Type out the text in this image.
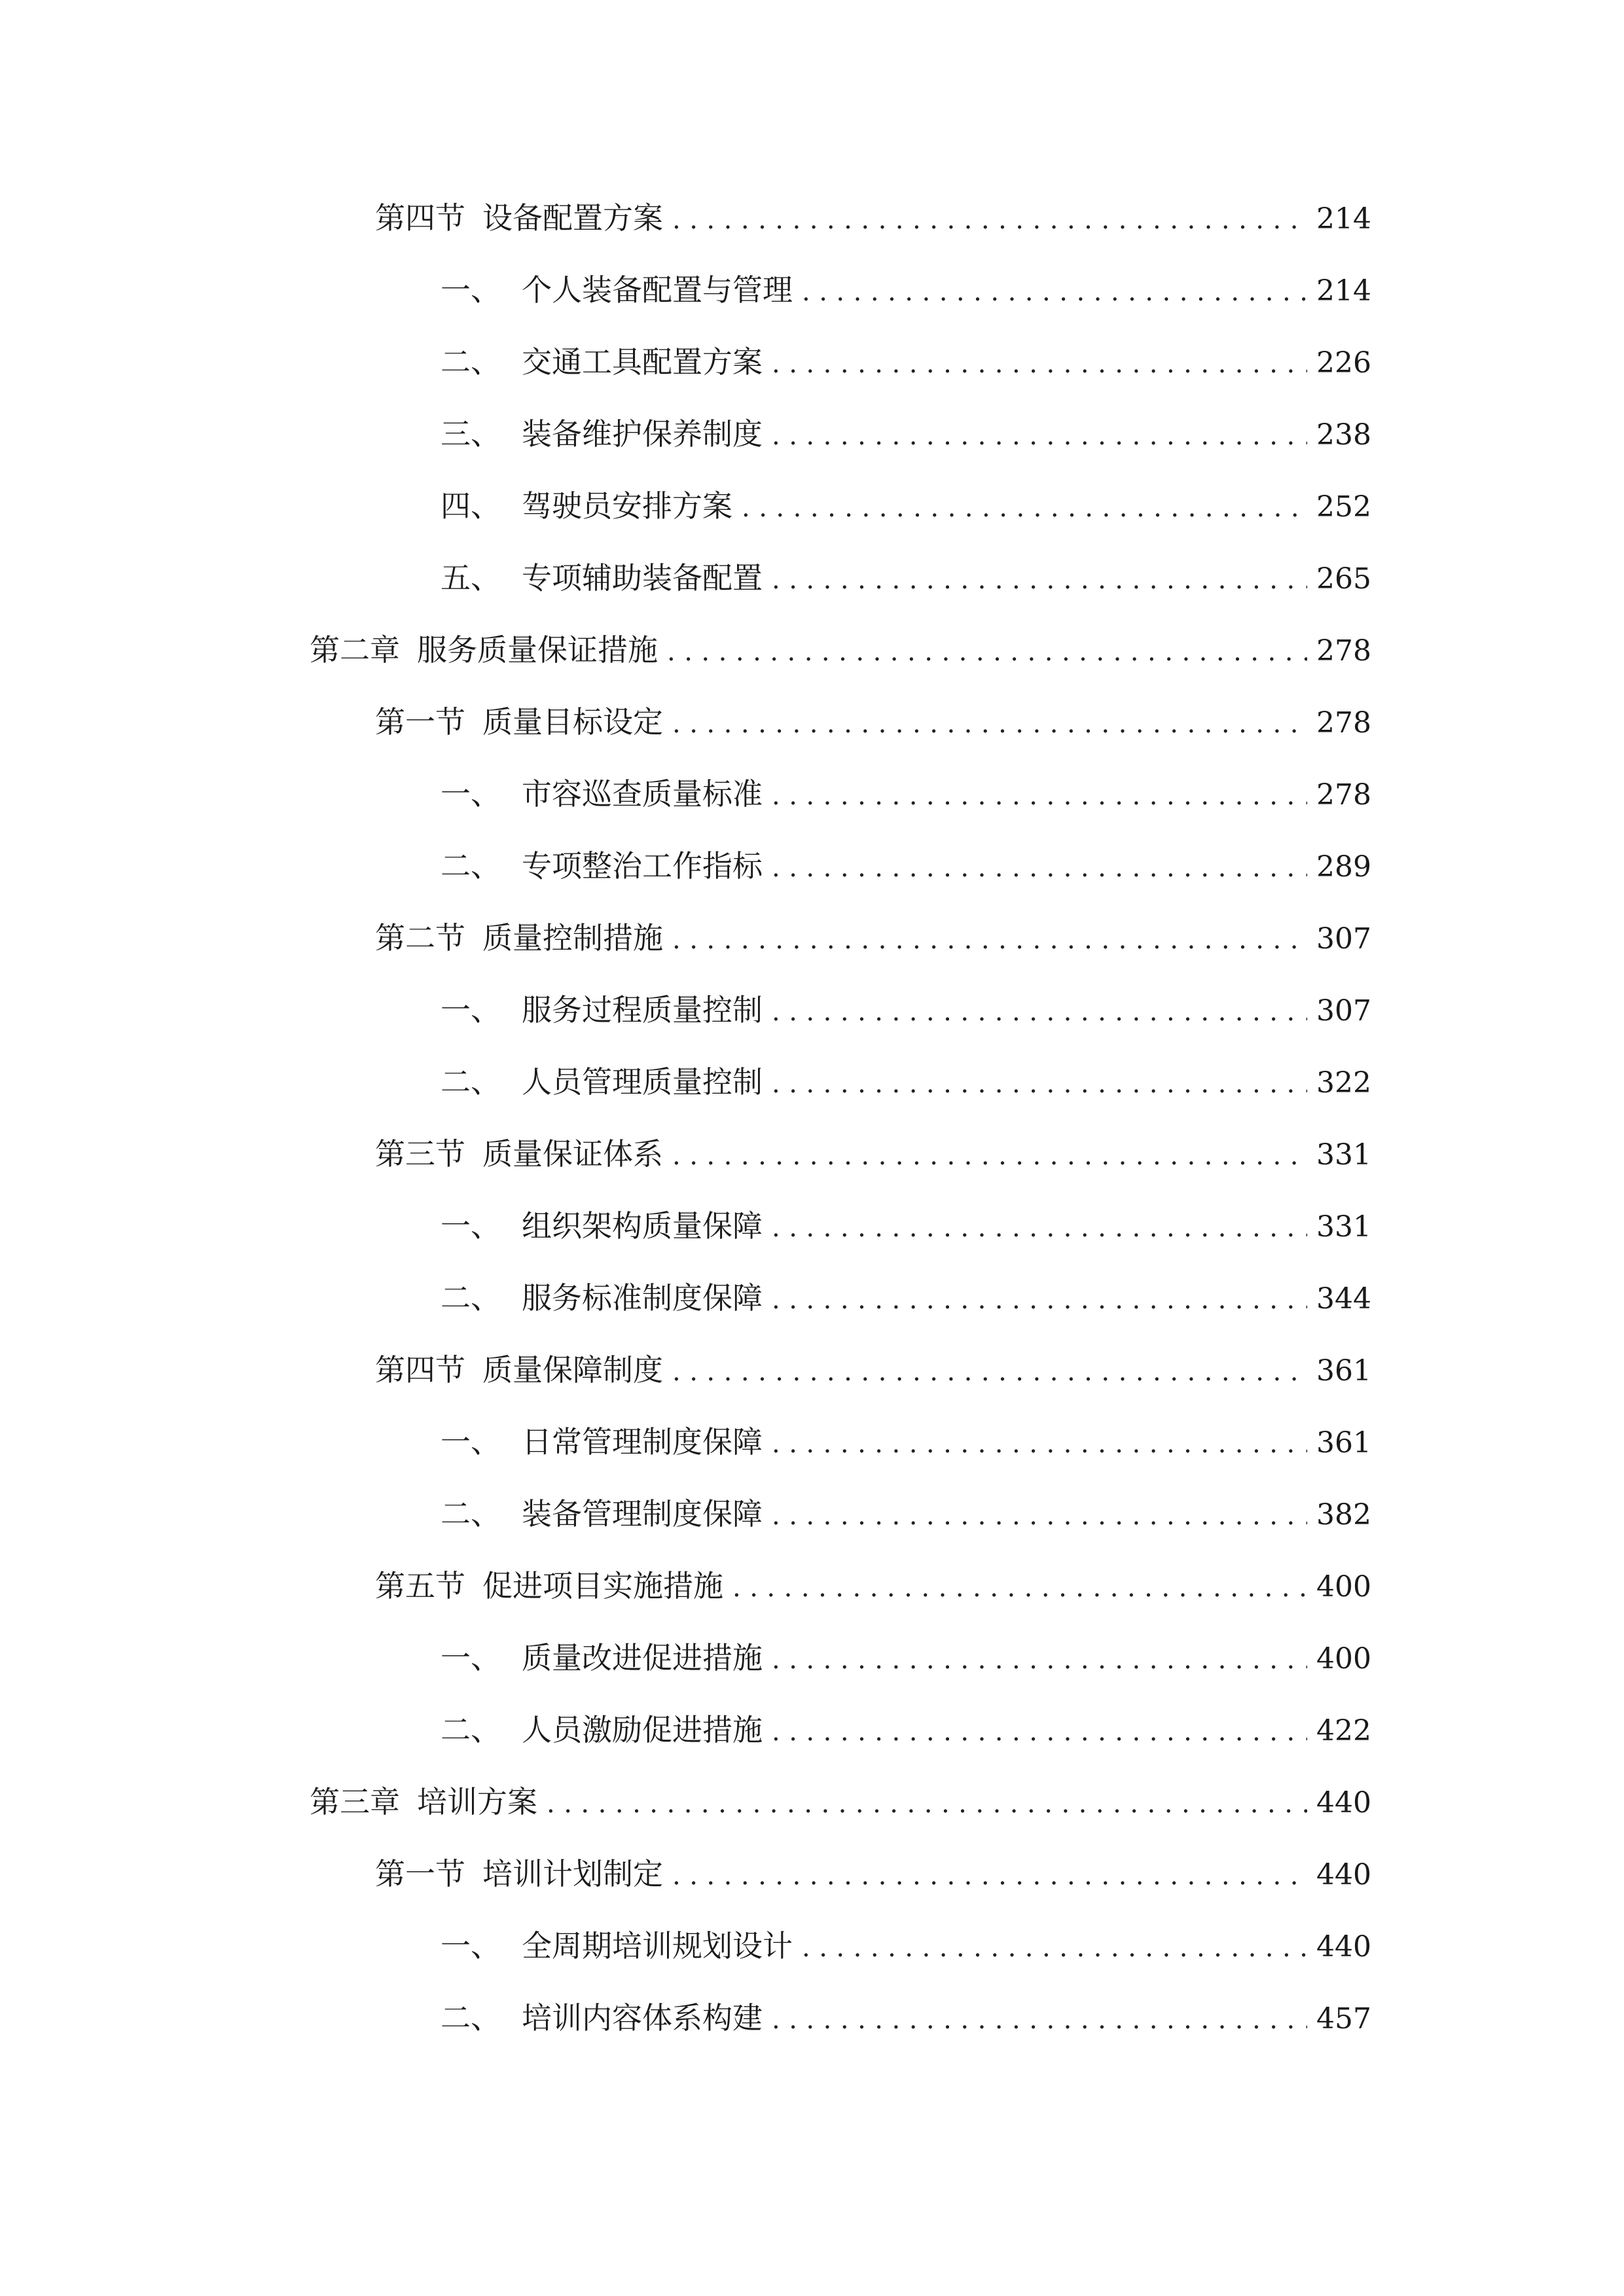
第四节 设备配置方案 .....	214
一、 个人装备配置与管理 .....	214
二、 交通工具配置方案 .....	226
三、 装备维护保养制度 .....	238
四、 驾驶员安排方案 .....	252
五、 专项辅助装备配置 .....	265
第二章 服务质量保证措施 .....	278
第一节 质量目标设定 .....	278
一、 市容巡查质量标准 .....	278
二、 专项整治工作指标 .....	289
第二节 质量控制措施 .....	307
一、 服务过程质量控制 .....	307
二、 人员管理质量控制 .....	322
第三节 质量保证体系 .....	331
一、 组织架构质量保障 .....	331
二、 服务标准制度保障 .....	344
第四节 质量保障制度 .....	361
一、 日常管理制度保障 .....	361
二、 装备管理制度保障 .....	382
第五节 促进项目实施措施 .....	400
一、 质量改进促进措施 .....	400
二、 人员激励促进措施 .....	422
第三章 培训方案 .....	440
第一节 培训计划制定 .....	440
一、 全周期培训规划设计 .....	440
二、 培训内容体系构建 .....	457
